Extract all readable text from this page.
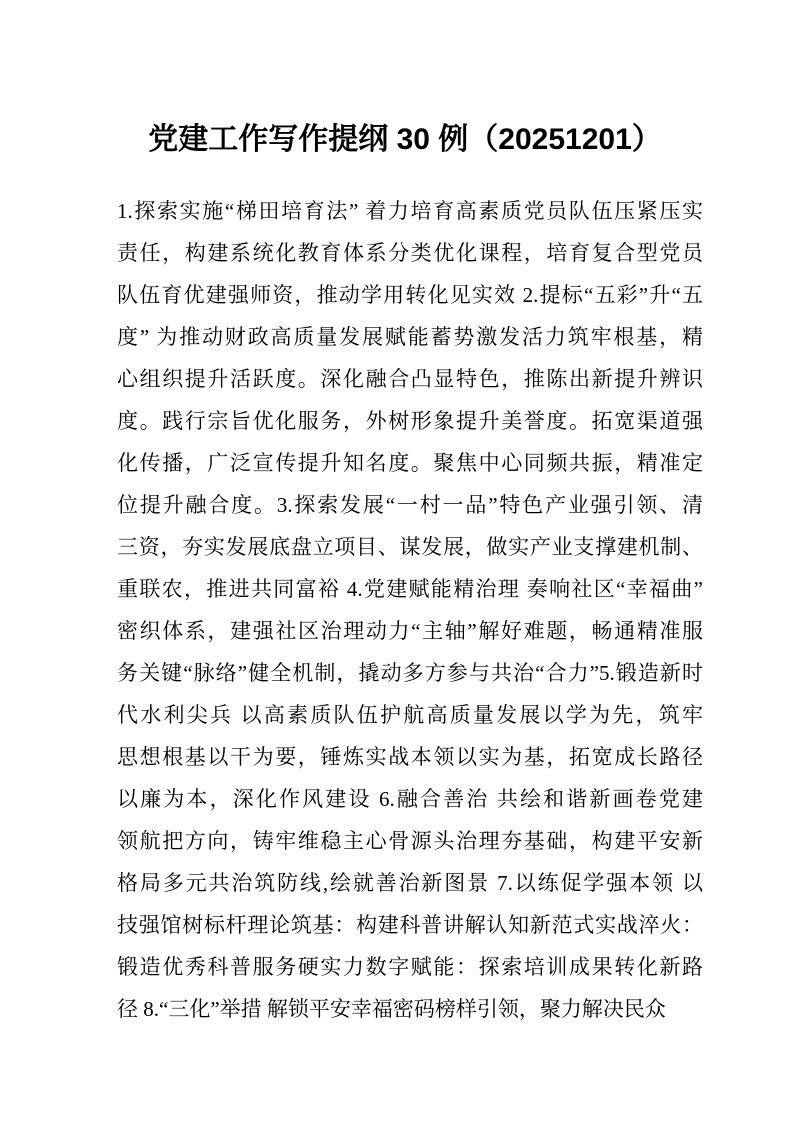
党建工作写作提纲 30 例（20251201）
1.探索实施“梯田培育法” 着力培育高素质党员队伍压紧压实
责任，构建系统化教育体系分类优化课程，培育复合型党员
队伍育优建强师资，推动学用转化见实效 2.提标“五彩”升“五
度” 为推动财政高质量发展赋能蓄势激发活力筑牢根基，精
心组织提升活跃度。深化融合凸显特色，推陈出新提升辨识
度。践行宗旨优化服务，外树形象提升美誉度。拓宽渠道强
化传播，广泛宣传提升知名度。聚焦中心同频共振，精准定
位提升融合度。3.探索发展“一村一品”特色产业强引领、清
三资，夯实发展底盘立项目、谋发展，做实产业支撑建机制、
重联农，推进共同富裕 4.党建赋能精治理 奏响社区“幸福曲”
密织体系，建强社区治理动力“主轴”解好难题，畅通精准服
务关键“脉络”健全机制，撬动多方参与共治“合力”5.锻造新时
代水利尖兵 以高素质队伍护航高质量发展以学为先，筑牢
思想根基以干为要，锤炼实战本领以实为基，拓宽成长路径
以廉为本，深化作风建设 6.融合善治 共绘和谐新画卷党建
领航把方向，铸牢维稳主心骨源头治理夯基础，构建平安新
格局多元共治筑防线,绘就善治新图景 7.以练促学强本领 以
技强馆树标杆理论筑基：构建科普讲解认知新范式实战淬火：
锻造优秀科普服务硬实力数字赋能：探索培训成果转化新路
径 8.“三化”举措 解锁平安幸福密码榜样引领，聚力解决民众
